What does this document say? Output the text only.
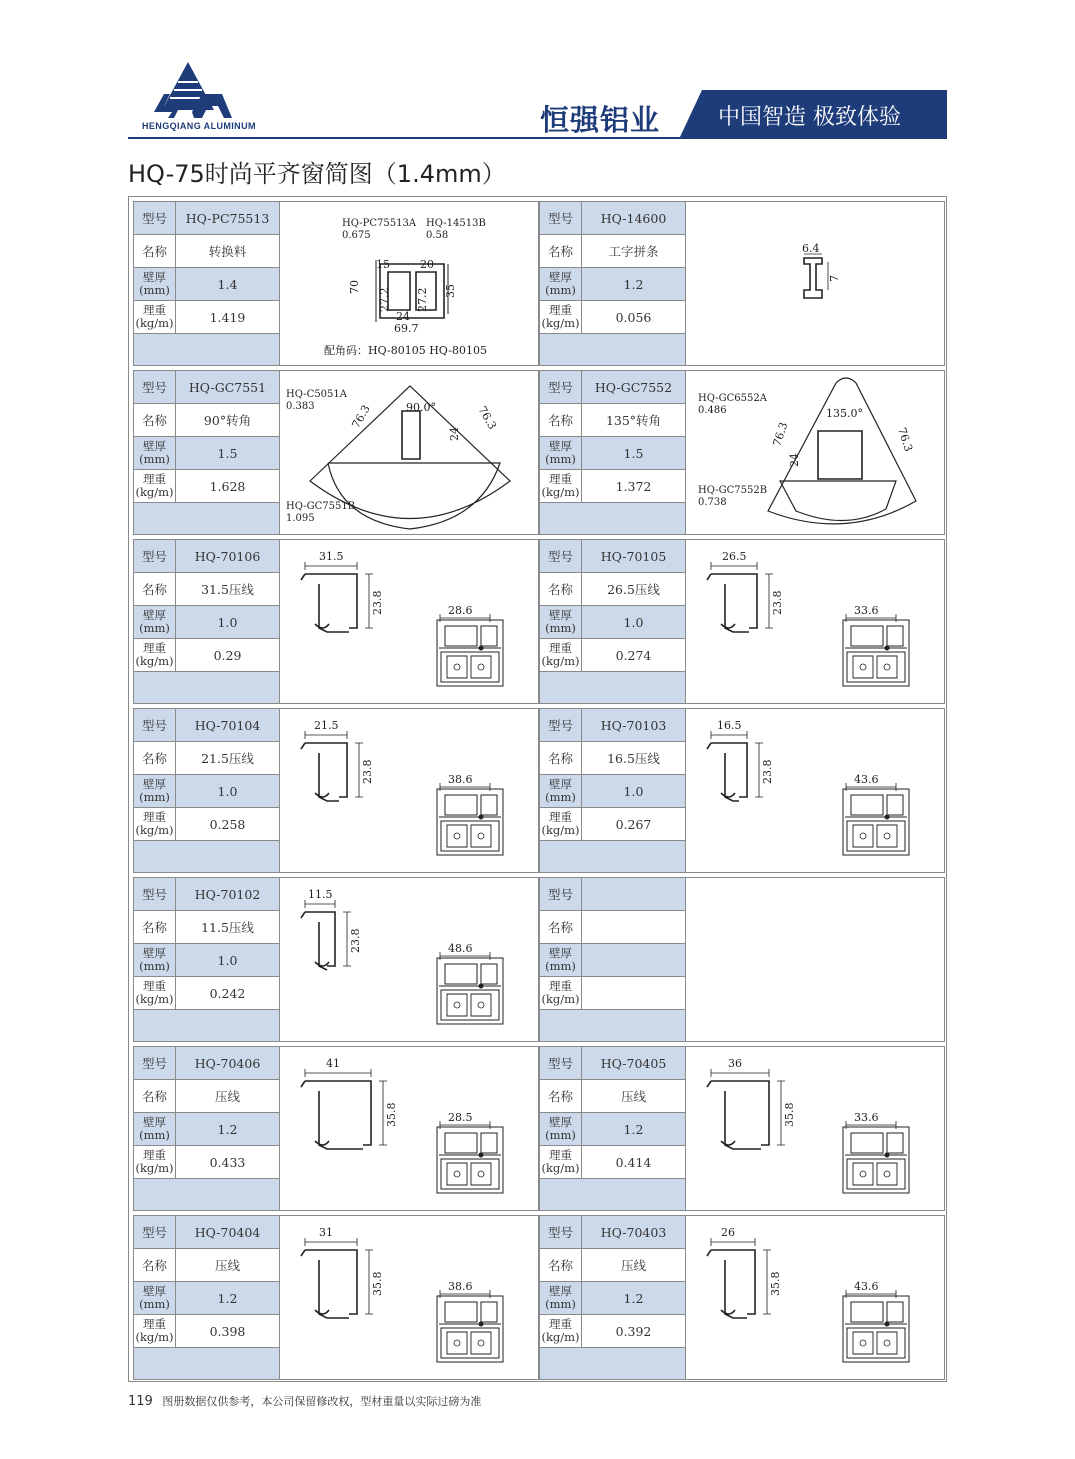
HENGQIANG ALUMINUM	恒强铝业	中国智造 极致体验
HQ-75时尚平齐窗简图（1.4mm）
型号	HQ-PC75513
名称	转换料
壁厚
(mm)	1.4
理重
(kg/m)	1.419
HQ-PC75513A
0.675
HQ-14513B
0.58
15	20
70
27.2 27.2 35
24
69.7
配角码：HQ-80105 HQ-80105
型号	HQ-14600
名称	工字拼条
壁厚
(mm)	1.2
理重
(kg/m)	0.056
6.4
7
型号	HQ-GC7551
名称	90°转角
壁厚
(mm)	1.5
理重
(kg/m)	1.628
HQ-C5051A
0.383	76.3	90.0°
24
76.3
HQ-GC7551B
1.095
型号	HQ-GC7552
名称	135°转角
壁厚
(mm)	1.5
理重
(kg/m)	1.372
HQ-GC6552A
0.486	135.0°
76.3	76.3
24
HQ-GC7552B
0.738
型号	HQ-70106
名称	31.5压线
壁厚
(mm)	1.0
理重
(kg/m)	0.29
31.5
23.8	28.6
型号	HQ-70105
名称	26.5压线
壁厚
(mm)	1.0
理重
(kg/m)	0.274
26.5
23.8	33.6
型号	HQ-70104
名称	21.5压线
壁厚
(mm)	1.0
理重
(kg/m)	0.258
21.5
23.8	38.6
型号	HQ-70103
名称	16.5压线
壁厚
(mm)	1.0
理重
(kg/m)	0.267
16.5
23.8	43.6
型号	HQ-70102
名称	11.5压线
壁厚
(mm)	1.0
理重
(kg/m)	0.242
11.5
23.8	48.6
型号
名称
壁厚
(mm)
理重
(kg/m)
型号	HQ-70406
名称	压线
壁厚
(mm)	1.2
理重
(kg/m)	0.433
41
35.8	28.5
型号	HQ-70405
名称	压线
壁厚
(mm)	1.2
理重
(kg/m)	0.414
36
35.8	33.6
型号	HQ-70404
名称	压线
壁厚
(mm)	1.2
理重
(kg/m)	0.398
31
35.8	38.6
型号	HQ-70403
名称	压线
壁厚
(mm)	1.2
理重
(kg/m)	0.392
26
35.8	43.6
119 图册数据仅供参考，本公司保留修改权，型材重量以实际过磅为准
